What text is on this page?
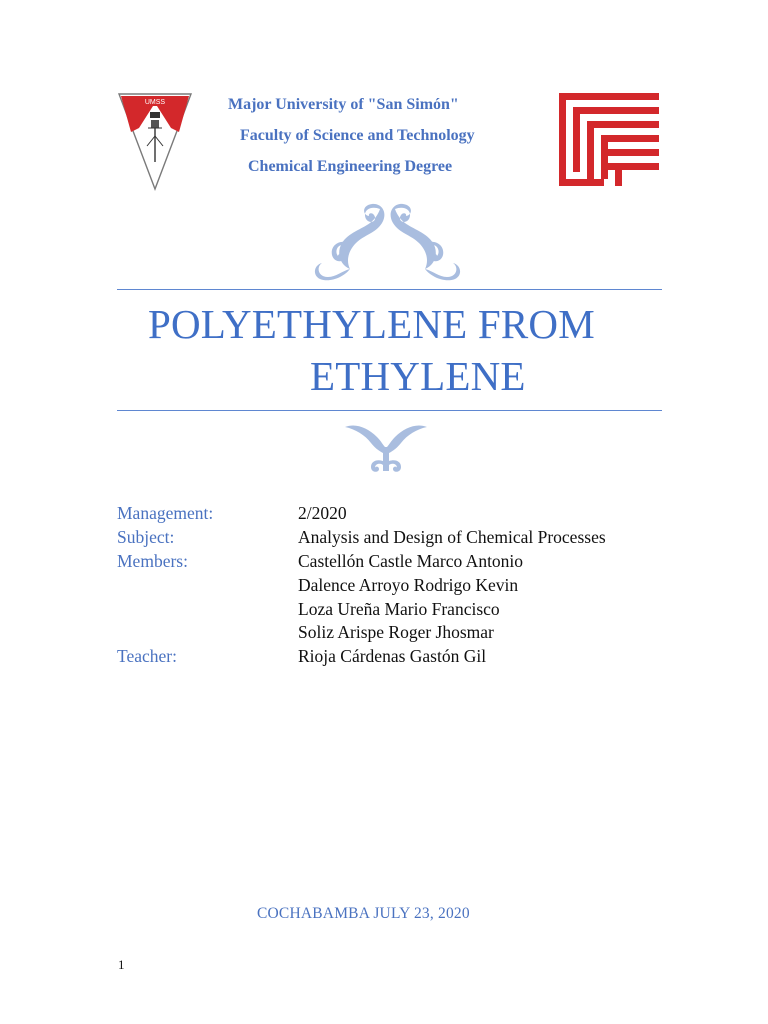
UMSS	Major University of "San Simón"
Faculty of Science and Technology
Chemical Engineering Degree
POLYETHYLENE FROM
ETHYLENE
Management:	2/2020
Subject:	Analysis and Design of Chemical Processes
Members:	Castellón Castle Marco Antonio
Dalence Arroyo Rodrigo Kevin
Loza Ureña Mario Francisco
Soliz Arispe Roger Jhosmar
Teacher:	Rioja Cárdenas Gastón Gil
COCHABAMBA JULY 23, 2020
1
